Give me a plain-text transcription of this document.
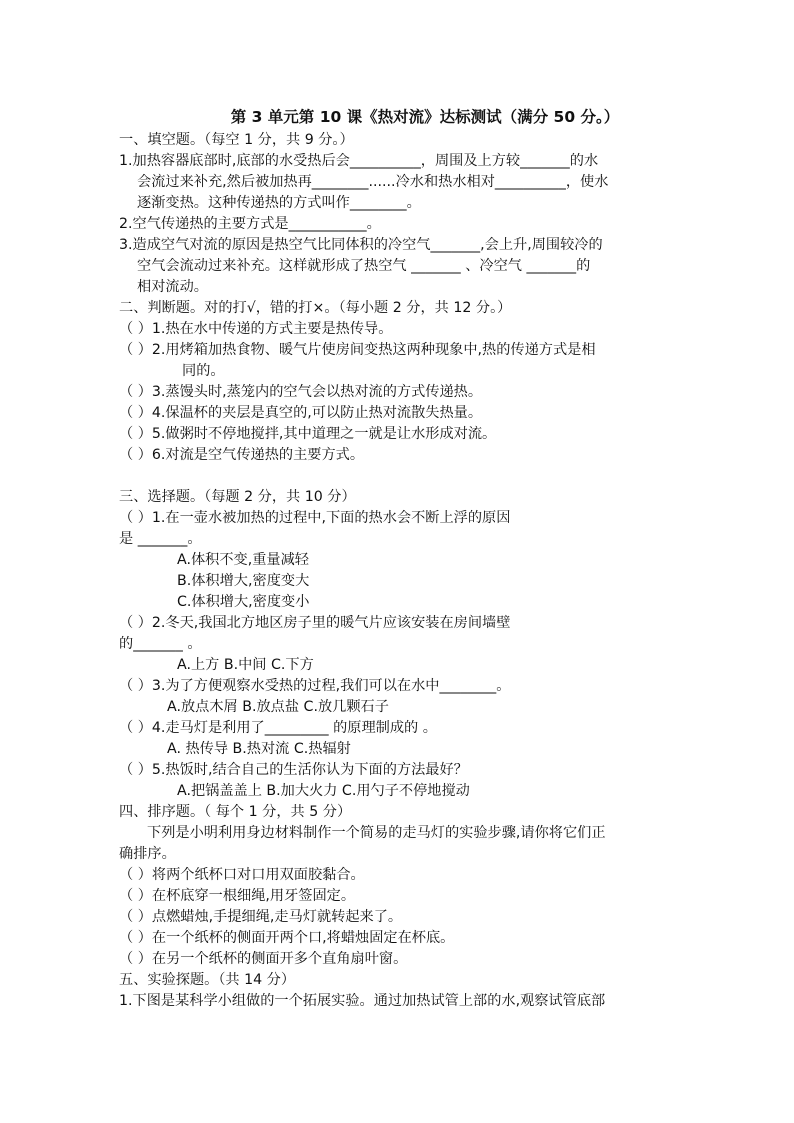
第 3 单元第 10 课《热对流》达标测试（满分 50 分。）
一、填空题。（每空 1 分，共 9 分。）
1.加热容器底部时,底部的水受热后会__________，周围及上方较_______的水
会流过来补充,然后被加热再________......冷水和热水相对__________，使水
逐渐变热。这种传递热的方式叫作________。
2.空气传递热的主要方式是___________。
3.造成空气对流的原因是热空气比同体积的冷空气_______,会上升,周围较冷的
空气会流动过来补充。这样就形成了热空气 _______ 、冷空气 _______的
相对流动。
二、判断题。对的打√，错的打×。（每小题 2 分，共 12 分。）
（ ）1.热在水中传递的方式主要是热传导。
（ ）2.用烤箱加热食物、暖气片使房间变热这两种现象中,热的传递方式是相
同的。
（ ）3.蒸馒头时,蒸笼内的空气会以热对流的方式传递热。
（ ）4.保温杯的夹层是真空的,可以防止热对流散失热量。
（ ）5.做粥时不停地搅拌,其中道理之一就是让水形成对流。
（ ）6.对流是空气传递热的主要方式。
三、选择题。（每题 2 分，共 10 分）
（ ）1.在一壶水被加热的过程中,下面的热水会不断上浮的原因
是 _______。
A.体积不变,重量减轻
B.体积增大,密度变大
C.体积增大,密度变小
（ ）2.冬天,我国北方地区房子里的暖气片应该安装在房间墙壁
的_______ 。
A.上方 B.中间 C.下方
（ ）3.为了方便观察水受热的过程,我们可以在水中________。
A.放点木屑 B.放点盐 C.放几颗石子
（ ）4.走马灯是利用了_________ 的原理制成的 。
A. 热传导 B.热对流 C.热辐射
（ ）5.热饭时,结合自己的生活你认为下面的方法最好？
A.把锅盖盖上 B.加大火力 C.用勺子不停地搅动
四、排序题。（ 每个 1 分，共 5 分）
下列是小明利用身边材料制作一个简易的走马灯的实验步骤,请你将它们正
确排序。
（ ）将两个纸杯口对口用双面胶黏合。
（ ）在杯底穿一根细绳,用牙签固定。
（ ）点燃蜡烛,手提细绳,走马灯就转起来了。
（ ）在一个纸杯的侧面开两个口,将蜡烛固定在杯底。
（ ）在另一个纸杯的侧面开多个直角扇叶窗。
五、实验探题。（共 14 分）
1.下图是某科学小组做的一个拓展实验。通过加热试管上部的水,观察试管底部
